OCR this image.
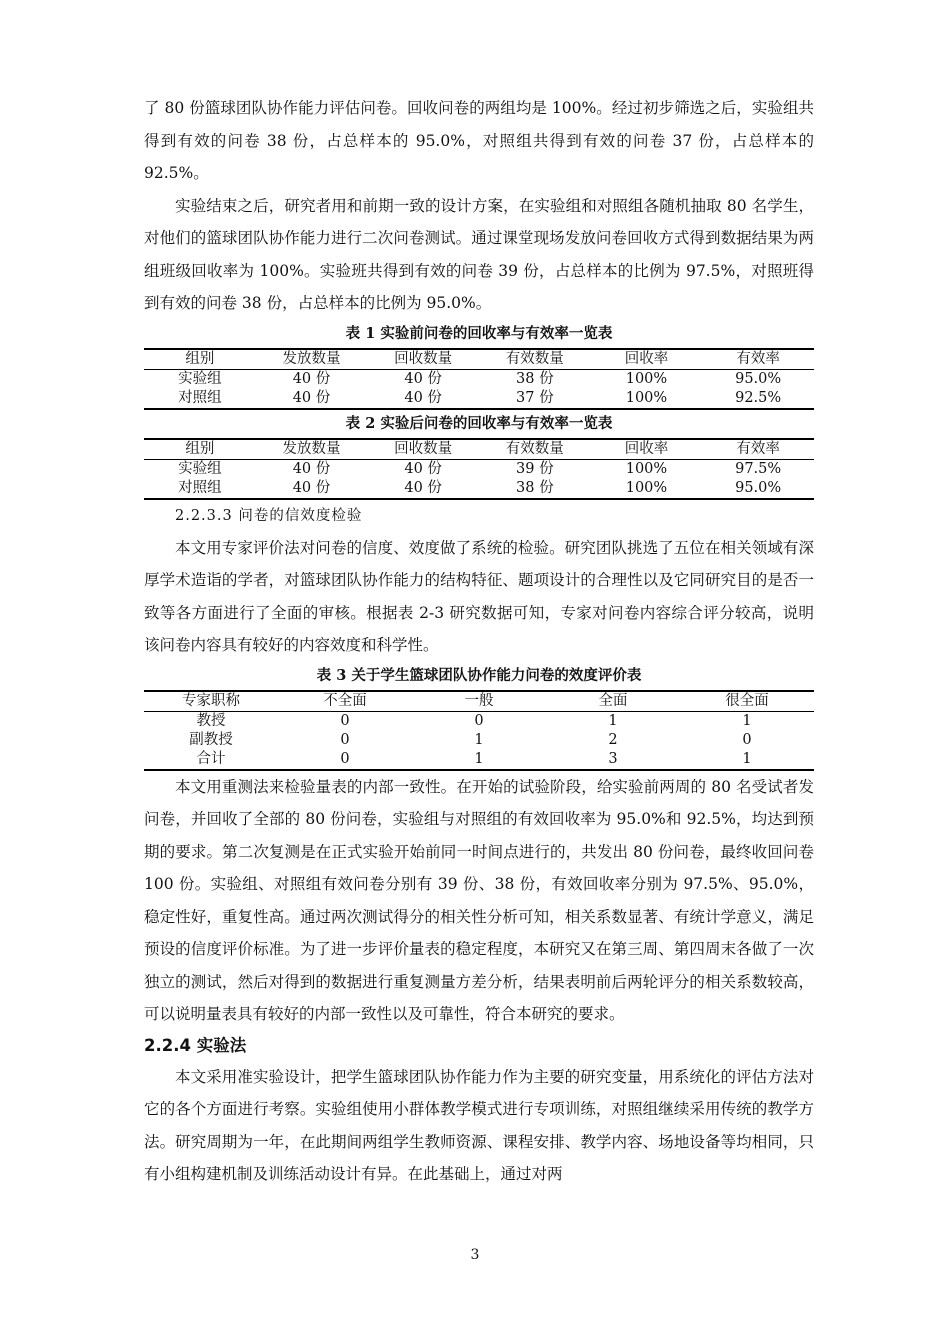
了 80 份篮球团队协作能力评估问卷。回收问卷的两组均是 100%。经过初步筛选之后，实验组共得到有效的问卷 38 份，占总样本的 95.0%，对照组共得到有效的问卷 37 份，占总样本的 92.5%。

实验结束之后，研究者用和前期一致的设计方案，在实验组和对照组各随机抽取 80 名学生，对他们的篮球团队协作能力进行二次问卷测试。通过课堂现场发放问卷回收方式得到数据结果为两组班级回收率为 100%。实验班共得到有效的问卷 39 份，占总样本的比例为 97.5%，对照班得到有效的问卷 38 份，占总样本的比例为 95.0%。

表 1 实验前问卷的回收率与有效率一览表
组别	发放数量	回收数量	有效数量	回收率	有效率
实验组	40 份	40 份	38 份	100%	95.0%
对照组	40 份	40 份	37 份	100%	92.5%
表 2 实验后问卷的回收率与有效率一览表
组别	发放数量	回收数量	有效数量	回收率	有效率
实验组	40 份	40 份	39 份	100%	97.5%
对照组	40 份	40 份	38 份	100%	95.0%
2.2.3.3 问卷的信效度检验

本文用专家评价法对问卷的信度、效度做了系统的检验。研究团队挑选了五位在相关领域有深厚学术造诣的学者，对篮球团队协作能力的结构特征、题项设计的合理性以及它同研究目的是否一致等各方面进行了全面的审核。根据表 2-3 研究数据可知，专家对问卷内容综合评分较高，说明该问卷内容具有较好的内容效度和科学性。

表 3 关于学生篮球团队协作能力问卷的效度评价表
专家职称	不全面	一般	全面	很全面
教授	0	0	1	1
副教授	0	1	2	0
合计	0	1	3	1

本文用重测法来检验量表的内部一致性。在开始的试验阶段，给实验前两周的 80 名受试者发问卷，并回收了全部的 80 份问卷，实验组与对照组的有效回收率为 95.0%和 92.5%，均达到预期的要求。第二次复测是在正式实验开始前同一时间点进行的，共发出 80 份问卷，最终收回问卷 100 份。实验组、对照组有效问卷分别有 39 份、38 份，有效回收率分别为 97.5%、95.0%，稳定性好，重复性高。通过两次测试得分的相关性分析可知，相关系数显著、有统计学意义，满足预设的信度评价标准。为了进一步评价量表的稳定程度，本研究又在第三周、第四周末各做了一次独立的测试，然后对得到的数据进行重复测量方差分析，结果表明前后两轮评分的相关系数较高，可以说明量表具有较好的内部一致性以及可靠性，符合本研究的要求。

2.2.4 实验法

本文采用准实验设计，把学生篮球团队协作能力作为主要的研究变量，用系统化的评估方法对它的各个方面进行考察。实验组使用小群体教学模式进行专项训练，对照组继续采用传统的教学方法。研究周期为一年，在此期间两组学生教师资源、课程安排、教学内容、场地设备等均相同，只有小组构建机制及训练活动设计有异。在此基础上，通过对两

3
